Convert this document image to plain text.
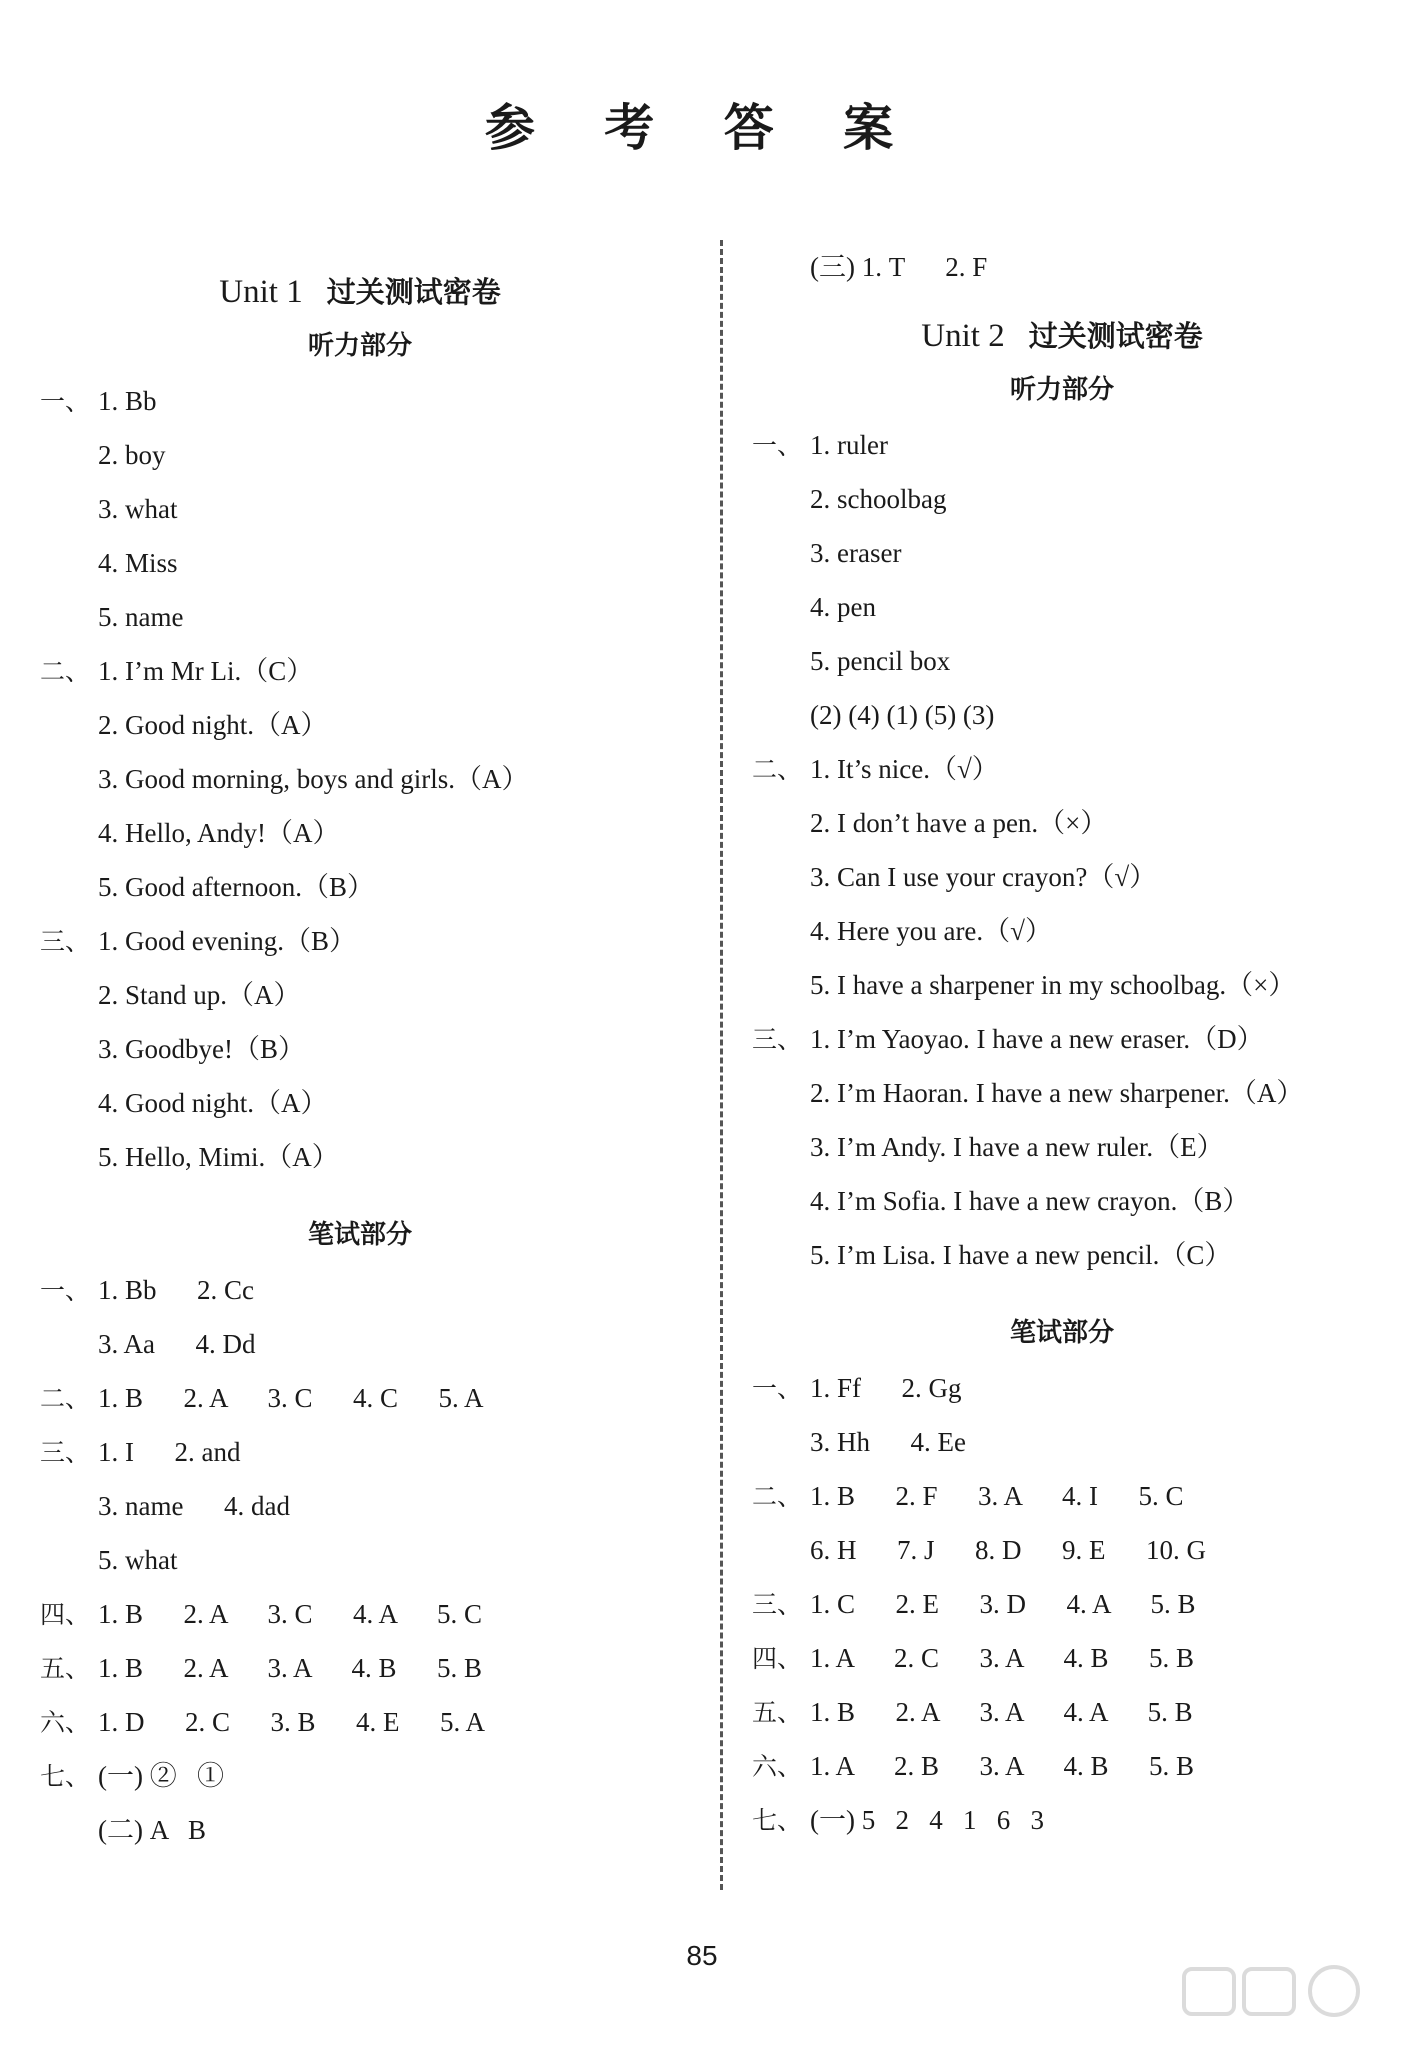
参 考 答 案
Unit 1 过关测试密卷
听力部分
一、 1. Bb
2. boy
3. what
4. Miss
5. name
二、 1. I’m Mr Li.（C）
2. Good night.（A）
3. Good morning, boys and girls.（A）
4. Hello, Andy!（A）
5. Good afternoon.（B）
三、 1. Good evening.（B）
2. Stand up.（A）
3. Goodbye!（B）
4. Good night.（A）
5. Hello, Mimi.（A）
笔试部分
一、 1. Bb      2. Cc
3. Aa      4. Dd
二、 1. B      2. A      3. C      4. C      5. A
三、 1. I      2. and
3. name      4. dad
5. what
四、 1. B      2. A      3. C      4. A      5. C
五、 1. B      2. A      3. A      4. B      5. B
六、 1. D      2. C      3. B      4. E      5. A
七、 (一) ②   ①
(二) A   B
(三) 1. T      2. F
Unit 2 过关测试密卷
听力部分
一、 1. ruler
2. schoolbag
3. eraser
4. pen
5. pencil box
(2) (4) (1) (5) (3)
二、 1. It’s nice.（√）
2. I don’t have a pen.（×）
3. Can I use your crayon?（√）
4. Here you are.（√）
5. I have a sharpener in my schoolbag.（×）
三、 1. I’m Yaoyao. I have a new eraser.（D）
2. I’m Haoran. I have a new sharpener.（A）
3. I’m Andy. I have a new ruler.（E）
4. I’m Sofia. I have a new crayon.（B）
5. I’m Lisa. I have a new pencil.（C）
笔试部分
一、 1. Ff      2. Gg
3. Hh      4. Ee
二、 1. B      2. F      3. A      4. I      5. C
6. H      7. J      8. D      9. E      10. G
三、 1. C      2. E      3. D      4. A      5. B
四、 1. A      2. C      3. A      4. B      5. B
五、 1. B      2. A      3. A      4. A      5. B
六、 1. A      2. B      3. A      4. B      5. B
七、 (一) 5   2   4   1   6   3
85
